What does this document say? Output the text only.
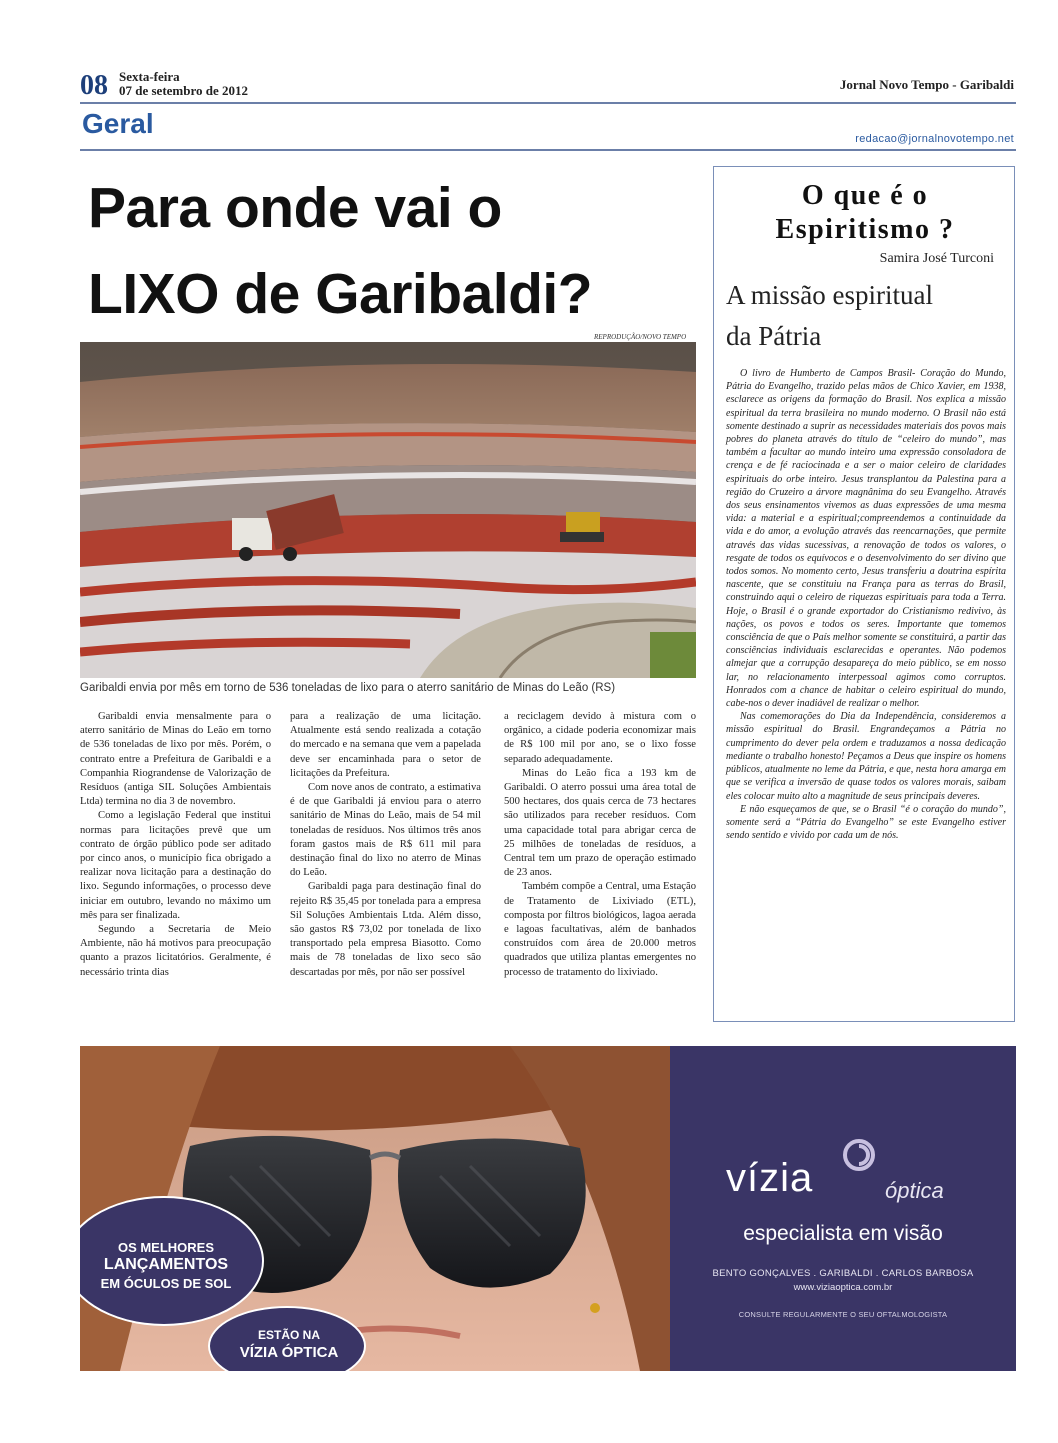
08 Sexta-feira
07 de setembro de 2012	Jornal Novo Tempo - Garibaldi
Geral	redacao@jornalnovotempo.net
Para onde vai o
LIXO de Garibaldi?
REPRODUÇÃO/NOVO TEMPO
Garibaldi envia por mês em torno de 536 toneladas de lixo para o aterro sanitário de Minas do Leão (RS)

Garibaldi envia mensalmente para o aterro sanitário de Minas do Leão em torno de 536 toneladas de lixo por mês. Porém, o contrato entre a Prefeitura de Garibaldi e a Companhia Riograndense de Valorização de Resíduos (antiga SIL Soluções Ambientais Ltda) termina no dia 3 de novembro.

Como a legislação Federal que institui normas para licitações prevê que um contrato de órgão público pode ser aditado por cinco anos, o município fica obrigado a realizar nova licitação para a destinação do lixo. Segundo informações, o processo deve iniciar em outubro, levando no máximo um mês para ser finalizada.

Segundo a Secretaria de Meio Ambiente, não há motivos para preocupação quanto a prazos licitatórios. Geralmente, é necessário trinta dias

para a realização de uma licitação. Atualmente está sendo realizada a cotação do mercado e na semana que vem a papelada deve ser encaminhada para o setor de licitações da Prefeitura.

Com nove anos de contrato, a estimativa é de que Garibaldi já enviou para o aterro sanitário de Minas do Leão, mais de 54 mil toneladas de resíduos. Nos últimos três anos foram gastos mais de R$ 611 mil para destinação final do lixo no aterro de Minas do Leão.

Garibaldi paga para destinação final do rejeito R$ 35,45 por tonelada para a empresa Sil Soluções Ambientais Ltda. Além disso, são gastos R$ 73,02 por tonelada de lixo transportado pela empresa Biasotto. Como mais de 78 toneladas de lixo seco são descartadas por mês, por não ser possível

a reciclagem devido à mistura com o orgânico, a cidade poderia economizar mais de R$ 100 mil por ano, se o lixo fosse separado adequadamente.

Minas do Leão fica a 193 km de Garibaldi. O aterro possui uma área total de 500 hectares, dos quais cerca de 73 hectares são utilizados para receber resíduos. Com uma capacidade total para abrigar cerca de 25 milhões de toneladas de resíduos, a Central tem um prazo de operação estimado de 23 anos.

Também compõe a Central, uma Estação de Tratamento de Lixiviado (ETL), composta por filtros biológicos, lagoa aerada e lagoas facultativas, além de banhados construídos com área de 20.000 metros quadrados que utiliza plantas emergentes no processo de tratamento do lixiviado.

O que é o
Espiritismo ?
Samira José Turconi
A missão espiritual
da Pátria

O livro de Humberto de Campos Brasil- Coração do Mundo, Pátria do Evangelho, trazido pelas mãos de Chico Xavier, em 1938, esclarece as origens da formação do Brasil. Nos explica a missão espiritual da terra brasileira no mundo moderno. O Brasil não está somente destinado a suprir as necessidades materiais dos povos mais pobres do planeta através do título de “celeiro do mundo”, mas também a facultar ao mundo inteiro uma expressão consoladora de crença e de fé raciocinada e a ser o maior celeiro de claridades espirituais do orbe inteiro. Jesus transplantou da Palestina para a região do Cruzeiro a árvore magnânima do seu Evangelho. Através dos seus ensinamentos vivemos as duas expressões de uma mesma vida: a material e a espiritual;compreendemos a continuidade da vida e do amor, a evolução através das reencarnações, que permite através das vidas sucessivas, a renovação de todos os valores, o resgate de todos os equívocos e o desenvolvimento do ser divino que todos somos. No momento certo, Jesus transferiu a doutrina espírita nascente, que se constituiu na França para as terras do Brasil, construindo aqui o celeiro de riquezas espirituais para toda a Terra. Hoje, o Brasil é o grande exportador do Cristianismo redivivo, às nações, os povos e todos os seres. Importante que tomemos consciência de que o País melhor somente se constituirá, a partir das consciências individuais esclarecidas e operantes. Não podemos almejar que a corrupção desapareça do meio público, se em nosso lar, no relacionamento interpessoal agimos como corruptos. Honrados com a chance de habitar o celeiro espiritual do mundo, cabe-nos o dever inadiável de realizar o melhor.

Nas comemorações do Dia da Independência, consideremos a missão espiritual do Brasil. Engrandeçamos a Pátria no cumprimento do dever pela ordem e traduzamos a nossa dedicação mediante o trabalho honesto! Peçamos a Deus que inspire os homens públicos, atualmente no leme da Pátria, e que, nesta hora amarga em que se verifica a inversão de quase todos os valores morais, saibam eles colocar muito alto a magnitude de seus principais deveres.

E não esqueçamos de que, se o Brasil “é o coração do mundo”, somente será a “Pátria do Evangelho” se este Evangelho estiver sendo sentido e vivido por cada um de nós.

OS MELHORES
LANÇAMENTOS
EM ÓCULOS DE SOL
ESTÃO NA
VÍZIA ÓPTICA
vízia	óptica
especialista em visão
BENTO GONÇALVES . GARIBALDI . CARLOS BARBOSA
www.viziaoptica.com.br
CONSULTE REGULARMENTE O SEU OFTALMOLOGISTA
